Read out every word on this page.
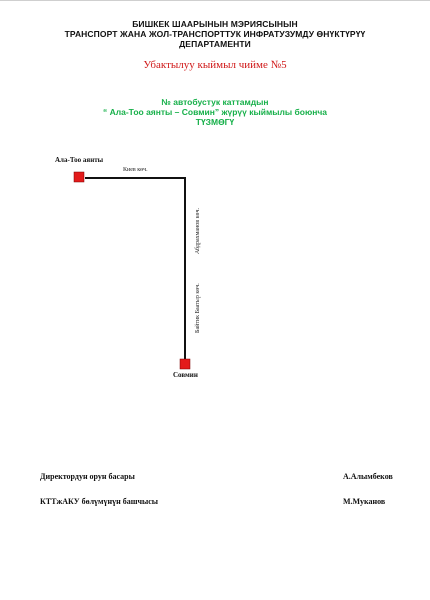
БИШКЕК ШААРЫНЫН МЭРИЯСЫНЫН
ТРАНСПОРТ ЖАНА ЖОЛ-ТРАНСПОРТТУК ИНФРАТУЗУМДУ ӨНҮКТҮРҮҮ
ДЕПАРТАМЕНТИ
Убактылуу кыймыл чийме №5
№ автобустук каттамдын
“ Ала-Тоо аянты – Совмин” жүрүү кыймылы боюнча
ТҮЗМӨГҮ
Ала-Тоо аянты
Совмин
Киев көч.
Абдрахманов көч.
Байтик Баатыр көч.
Директордун орун басары	А.Алымбеков
КТТжАКУ бөлүмүнүн башчысы	М.Муканов
